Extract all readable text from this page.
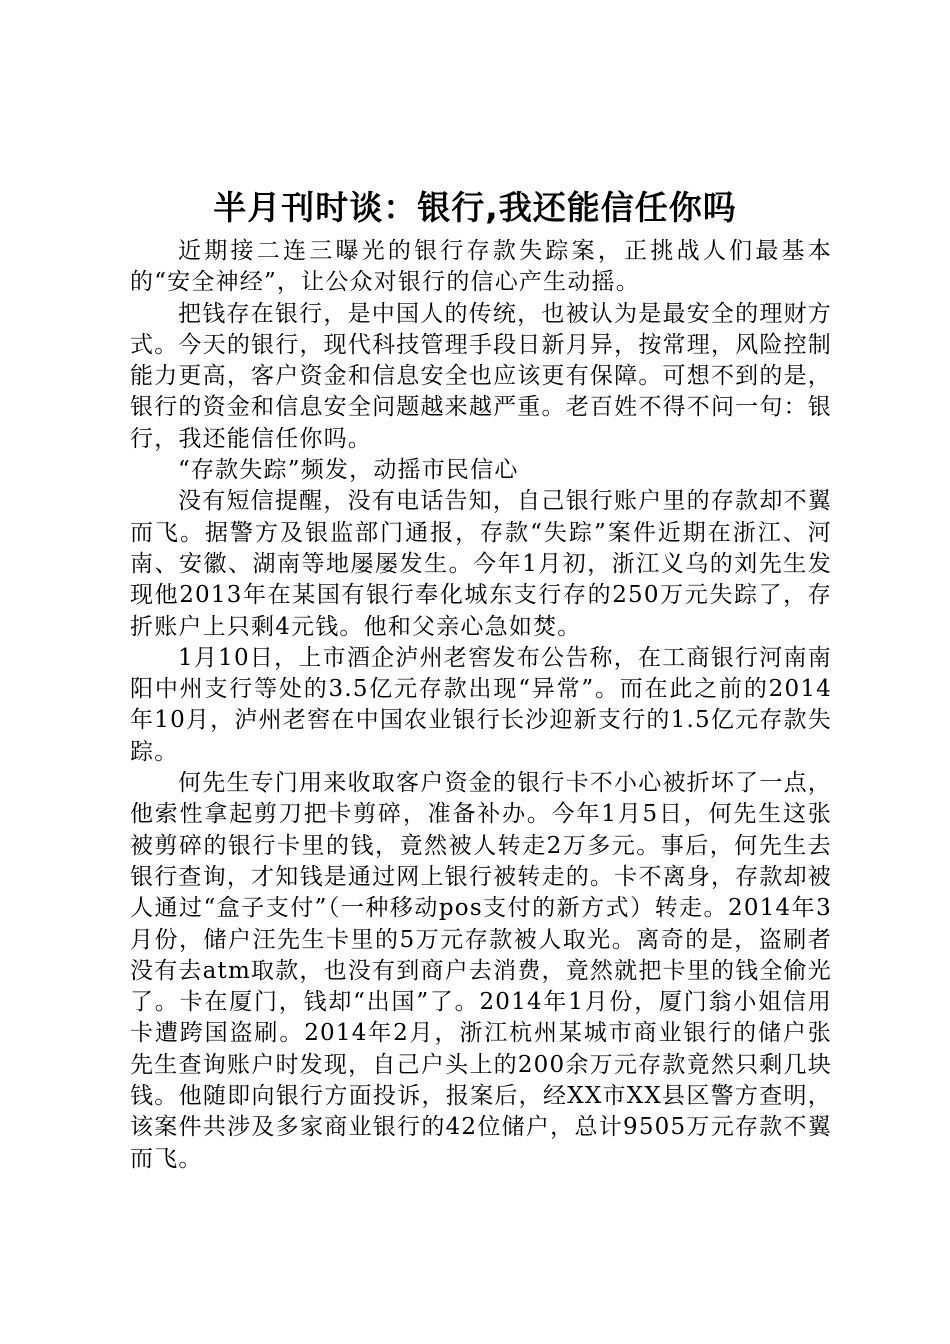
半月刊时谈：银行,我还能信任你吗

近期接二连三曝光的银行存款失踪案，正挑战人们最基本的“安全神经”，让公众对银行的信心产生动摇。

把钱存在银行，是中国人的传统，也被认为是最安全的理财方式。今天的银行，现代科技管理手段日新月异，按常理，风险控制能力更高，客户资金和信息安全也应该更有保障。可想不到的是，银行的资金和信息安全问题越来越严重。老百姓不得不问一句：银行，我还能信任你吗。

“存款失踪”频发，动摇市民信心

没有短信提醒，没有电话告知，自己银行账户里的存款却不翼而飞。据警方及银监部门通报，存款“失踪”案件近期在浙江、河南、安徽、湖南等地屡屡发生。今年1月初，浙江义乌的刘先生发现他2013年在某国有银行奉化城东支行存的250万元失踪了，存折账户上只剩4元钱。他和父亲心急如焚。

1月10日，上市酒企泸州老窖发布公告称，在工商银行河南南阳中州支行等处的3.5亿元存款出现“异常”。而在此之前的2014年10月，泸州老窖在中国农业银行长沙迎新支行的1.5亿元存款失踪。

何先生专门用来收取客户资金的银行卡不小心被折坏了一点，他索性拿起剪刀把卡剪碎，准备补办。今年1月5日，何先生这张被剪碎的银行卡里的钱，竟然被人转走2万多元。事后，何先生去银行查询，才知钱是通过网上银行被转走的。卡不离身，存款却被人通过“盒子支付”（一种移动pos支付的新方式）转走。2014年3月份，储户汪先生卡里的5万元存款被人取光。离奇的是，盗刷者没有去atm取款，也没有到商户去消费，竟然就把卡里的钱全偷光了。卡在厦门，钱却“出国”了。2014年1月份，厦门翁小姐信用卡遭跨国盗刷。2014年2月，浙江杭州某城市商业银行的储户张先生查询账户时发现，自己户头上的200余万元存款竟然只剩几块钱。他随即向银行方面投诉，报案后，经XX市XX县区警方查明，该案件共涉及多家商业银行的42位储户，总计9505万元存款不翼而飞。
